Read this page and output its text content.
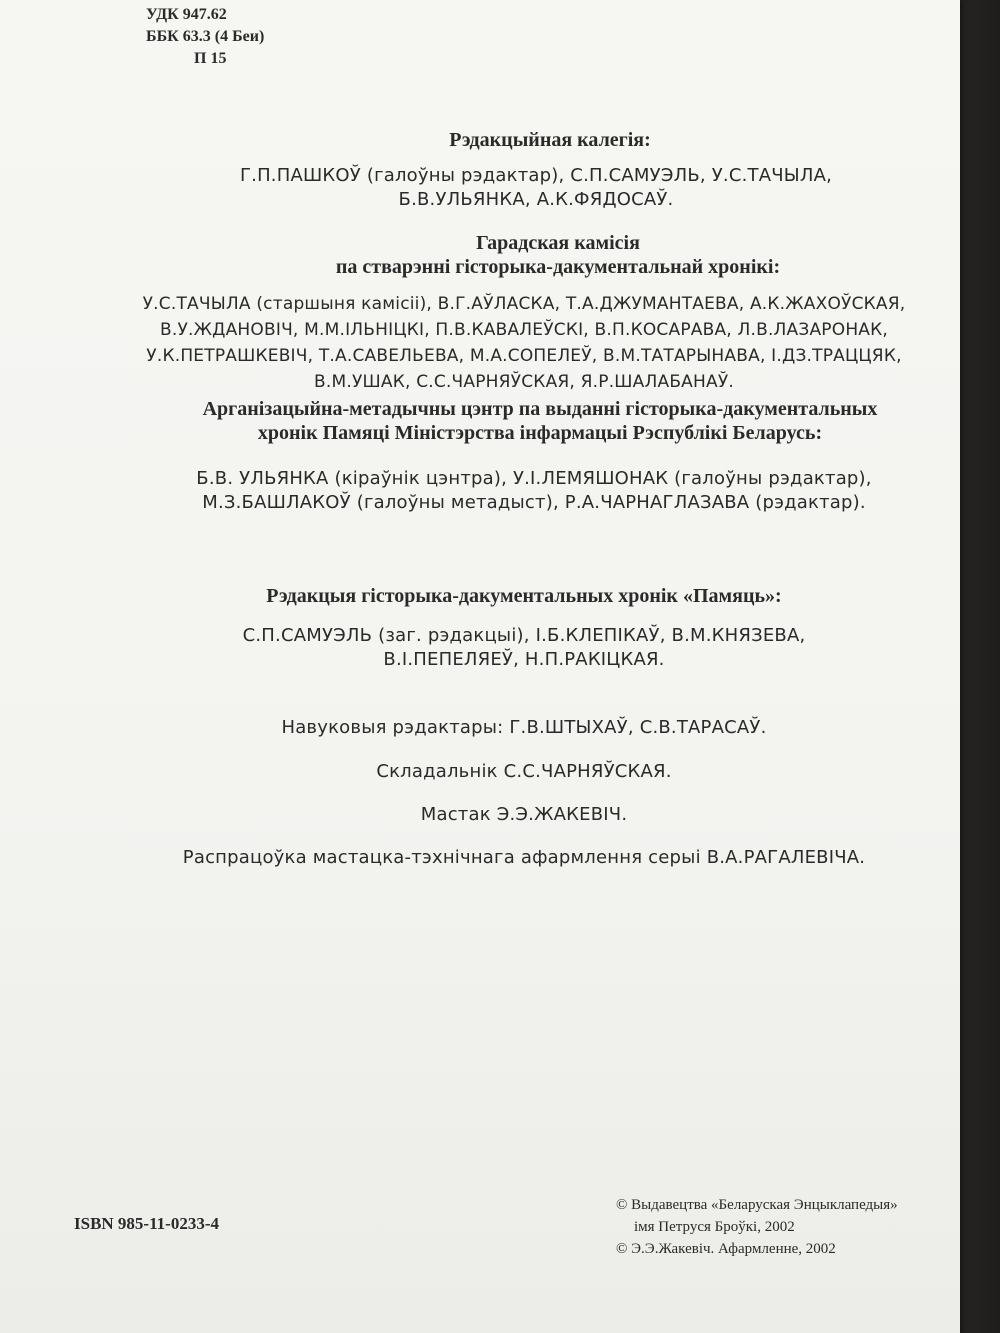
УДК 947.62
ББК 63.3 (4 Беи)
П 15
Рэдакцыйная калегія:
Г.П.ПАШКОЎ (галоўны рэдактар), С.П.САМУЭЛЬ, У.С.ТАЧЫЛА,
Б.В.УЛЬЯНКА, А.К.ФЯДОСАЎ.
Гарадская камісія
па стварэнні гісторыка-дакументальнай хронікі:
У.С.ТАЧЫЛА (старшыня камісіі), В.Г.АЎЛАСКА, Т.А.ДЖУМАНТАЕВА, А.К.ЖАХОЎСКАЯ,
В.У.ЖДАНОВІЧ, М.М.ІЛЬНІЦКІ, П.В.КАВАЛЕЎСКІ, В.П.КОСАРАВА, Л.В.ЛАЗАРОНАК,
У.К.ПЕТРАШКЕВІЧ, Т.А.САВЕЛЬЕВА, М.А.СОПЕЛЕЎ, В.М.ТАТАРЫНАВА, І.ДЗ.ТРАЦЦЯК,
В.М.УШАК, С.С.ЧАРНЯЎСКАЯ, Я.Р.ШАЛАБАНАЎ.
Арганізацыйна-метадычны цэнтр па выданні гісторыка-дакументальных
хронік Памяці Міністэрства інфармацыі Рэспублікі Беларусь:
Б.В. УЛЬЯНКА (кіраўнік цэнтра), У.І.ЛЕМЯШОНАК (галоўны рэдактар),
М.З.БАШЛАКОЎ (галоўны метадыст), Р.А.ЧАРНАГЛАЗАВА (рэдактар).
Рэдакцыя гісторыка-дакументальных хронік «Памяць»:
С.П.САМУЭЛЬ (заг. рэдакцыі), І.Б.КЛЕПІКАЎ, В.М.КНЯЗЕВА,
В.І.ПЕПЕЛЯЕЎ, Н.П.РАКІЦКАЯ.
Навуковыя рэдактары: Г.В.ШТЫХАЎ, С.В.ТАРАСАЎ.
Складальнік С.С.ЧАРНЯЎСКАЯ.
Мастак Э.Э.ЖАКЕВІЧ.
Распрацоўка мастацка-тэхнічнага афармлення серыі В.А.РАГАЛЕВІЧА.
ISBN 985-11-0233-4
© Выдавецтва «Беларуская Энцыклапедыя»
імя Петруся Броўкі, 2002
© Э.Э.Жакевіч. Афармленне, 2002
